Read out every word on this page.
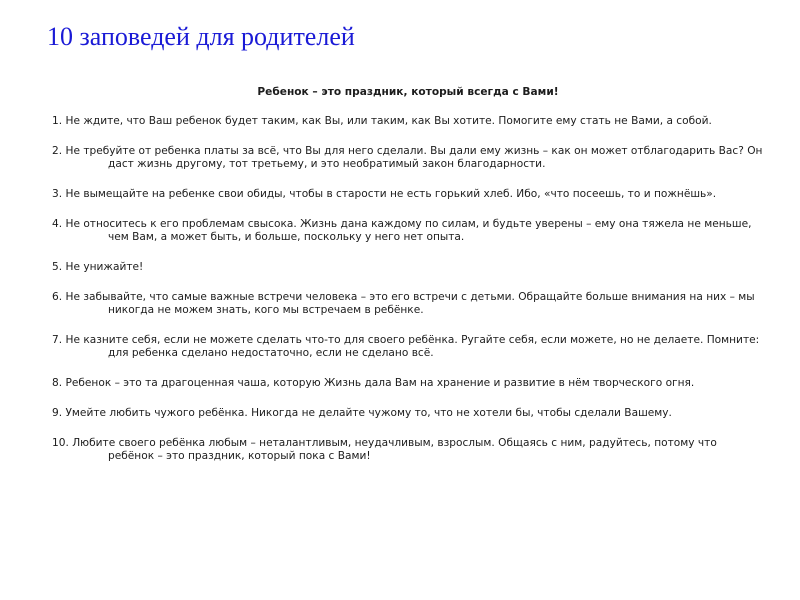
10 заповедей для родителей

Ребенок – это праздник, который всегда с Вами!

1. Не ждите, что Ваш ребенок будет таким, как Вы, или таким, как Вы хотите. Помогите ему стать не Вами, а собой.

2. Не требуйте от ребенка платы за всё, что Вы для него сделали. Вы дали ему жизнь – как он может отблагодарить Вас? Он даст жизнь другому, тот третьему, и это необратимый закон благодарности.

3. Не вымещайте на ребенке свои обиды, чтобы в старости не есть горький хлеб. Ибо, «что посеешь, то и пожнёшь».

4. Не относитесь к его проблемам свысока. Жизнь дана каждому по силам, и будьте уверены – ему она тяжела не меньше, чем Вам, а может быть, и больше, поскольку у него нет опыта.

5. Не унижайте!

6. Не забывайте, что самые важные встречи человека – это его встречи с детьми. Обращайте больше внимания на них – мы никогда не можем знать, кого мы встречаем в ребёнке.

7. Не казните себя, если не можете сделать что-то для своего ребёнка. Ругайте себя, если можете, но не делаете. Помните: для ребенка сделано недостаточно, если не сделано всё.

8. Ребенок – это та драгоценная чаша, которую Жизнь дала Вам на хранение и развитие в нём творческого огня.

9. Умейте любить чужого ребёнка. Никогда не делайте чужому то, что не хотели бы, чтобы сделали Вашему.

10. Любите своего ребёнка любым – неталантливым, неудачливым, взрослым. Общаясь с ним, радуйтесь, потому что ребёнок – это праздник, который пока с Вами!
